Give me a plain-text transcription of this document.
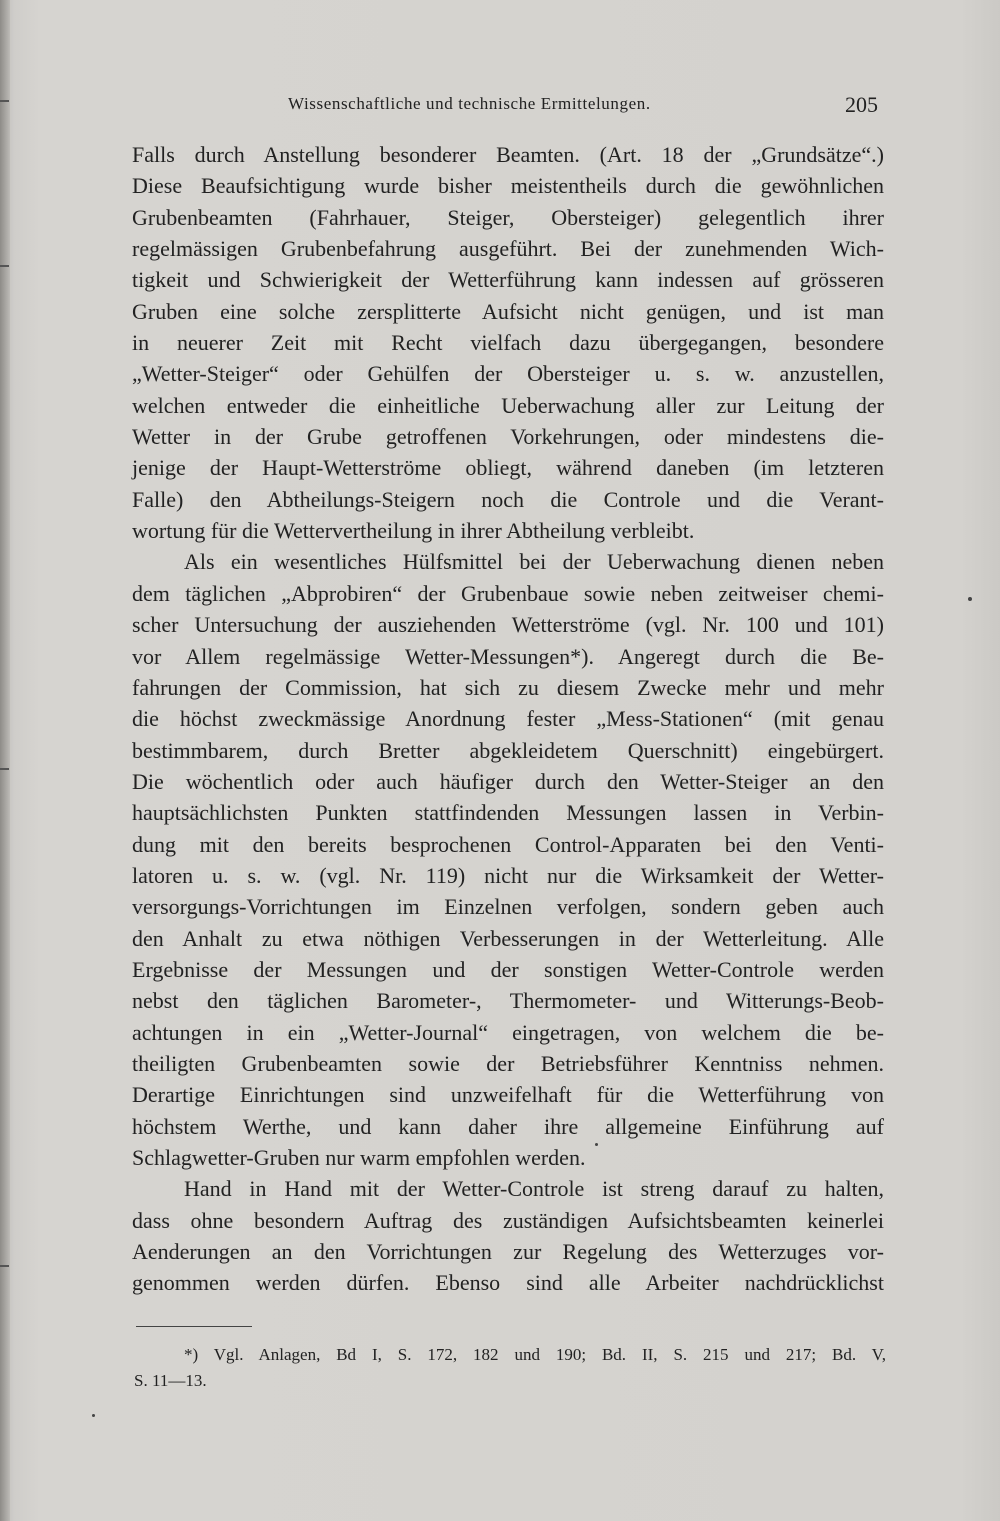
Wissenschaftliche und technische Ermittelungen.	205
Falls durch Anstellung besonderer Beamten. (Art. 18 der „Grundsätze“.)
Diese Beaufsichtigung wurde bisher meistentheils durch die gewöhnlichen
Grubenbeamten (Fahrhauer, Steiger, Obersteiger) gelegentlich ihrer
regelmässigen Grubenbefahrung ausgeführt. Bei der zunehmenden Wich-
tigkeit und Schwierigkeit der Wetterführung kann indessen auf grösseren
Gruben eine solche zersplitterte Aufsicht nicht genügen, und ist man
in neuerer Zeit mit Recht vielfach dazu übergegangen, besondere
„Wetter-Steiger“ oder Gehülfen der Obersteiger u. s. w. anzustellen,
welchen entweder die einheitliche Ueberwachung aller zur Leitung der
Wetter in der Grube getroffenen Vorkehrungen, oder mindestens die-
jenige der Haupt-Wetterströme obliegt, während daneben (im letzteren
Falle) den Abtheilungs-Steigern noch die Controle und die Verant-
wortung für die Wettervertheilung in ihrer Abtheilung verbleibt.
Als ein wesentliches Hülfsmittel bei der Ueberwachung dienen neben
dem täglichen „Abprobiren“ der Grubenbaue sowie neben zeitweiser chemi-
scher Untersuchung der ausziehenden Wetterströme (vgl. Nr. 100 und 101)
vor Allem regelmässige Wetter-Messungen*). Angeregt durch die Be-
fahrungen der Commission, hat sich zu diesem Zwecke mehr und mehr
die höchst zweckmässige Anordnung fester „Mess-Stationen“ (mit genau
bestimmbarem, durch Bretter abgekleidetem Querschnitt) eingebürgert.
Die wöchentlich oder auch häufiger durch den Wetter-Steiger an den
hauptsächlichsten Punkten stattfindenden Messungen lassen in Verbin-
dung mit den bereits besprochenen Control-Apparaten bei den Venti-
latoren u. s. w. (vgl. Nr. 119) nicht nur die Wirksamkeit der Wetter-
versorgungs-Vorrichtungen im Einzelnen verfolgen, sondern geben auch
den Anhalt zu etwa nöthigen Verbesserungen in der Wetterleitung. Alle
Ergebnisse der Messungen und der sonstigen Wetter-Controle werden
nebst den täglichen Barometer-, Thermometer- und Witterungs-Beob-
achtungen in ein „Wetter-Journal“ eingetragen, von welchem die be-
theiligten Grubenbeamten sowie der Betriebsführer Kenntniss nehmen.
Derartige Einrichtungen sind unzweifelhaft für die Wetterführung von
höchstem Werthe, und kann daher ihre allgemeine Einführung auf
Schlagwetter-Gruben nur warm empfohlen werden.
Hand in Hand mit der Wetter-Controle ist streng darauf zu halten,
dass ohne besondern Auftrag des zuständigen Aufsichtsbeamten keinerlei
Aenderungen an den Vorrichtungen zur Regelung des Wetterzuges vor-
genommen werden dürfen. Ebenso sind alle Arbeiter nachdrücklichst
*) Vgl. Anlagen, Bd I, S. 172, 182 und 190; Bd. II, S. 215 und 217; Bd. V,
S. 11—13.
